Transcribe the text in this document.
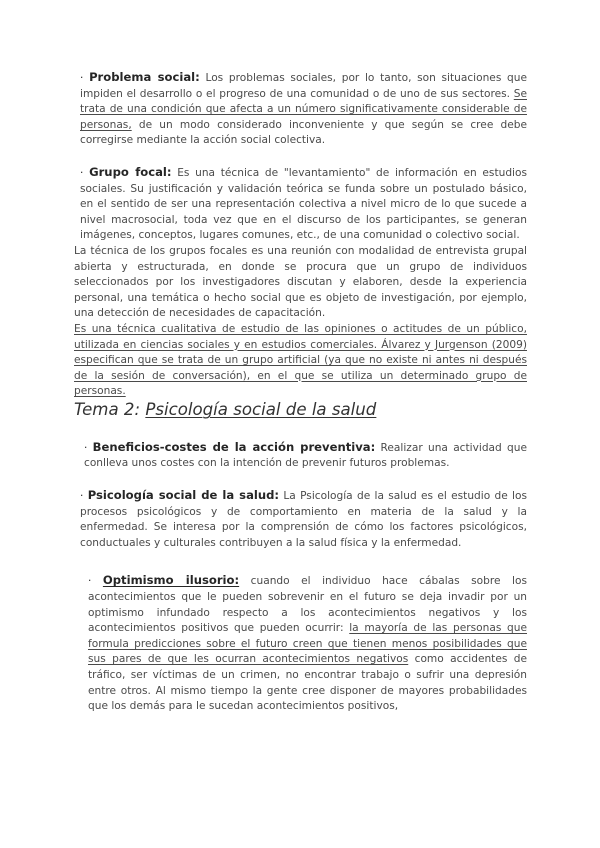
· Problema social: Los problemas sociales, por lo tanto, son situaciones que impiden el desarrollo o el progreso de una comunidad o de uno de sus sectores. Se trata de una condición que afecta a un número significativamente considerable de personas, de un modo considerado inconveniente y que según se cree debe corregirse mediante la acción social colectiva.

· Grupo focal: Es una técnica de "levantamiento" de información en estudios sociales. Su justificación y validación teórica se funda sobre un postulado básico, en el sentido de ser una representación colectiva a nivel micro de lo que sucede a nivel macrosocial, toda vez que en el discurso de los participantes, se generan imágenes, conceptos, lugares comunes, etc., de una comunidad o colectivo social.

La técnica de los grupos focales es una reunión con modalidad de entrevista grupal abierta y estructurada, en donde se procura que un grupo de individuos seleccionados por los investigadores discutan y elaboren, desde la experiencia personal, una temática o hecho social que es objeto de investigación, por ejemplo, una detección de necesidades de capacitación.

Es una técnica cualitativa de estudio de las opiniones o actitudes de un público, utilizada en ciencias sociales y en estudios comerciales. Álvarez y Jurgenson (2009) especifican que se trata de un grupo artificial (ya que no existe ni antes ni después de la sesión de conversación), en el que se utiliza un determinado grupo de personas.

Tema 2: Psicología social de la salud

· Beneficios-costes de la acción preventiva: Realizar una actividad que conlleva unos costes con la intención de prevenir futuros problemas.

· Psicología social de la salud: La Psicología de la salud es el estudio de los procesos psicológicos y de comportamiento en materia de la salud y la enfermedad. Se interesa por la comprensión de cómo los factores psicológicos, conductuales y culturales contribuyen a la salud física y la enfermedad.

· Optimismo ilusorio: cuando el individuo hace cábalas sobre los acontecimientos que le pueden sobrevenir en el futuro se deja invadir por un optimismo infundado respecto a los acontecimientos negativos y los acontecimientos positivos que pueden ocurrir: la mayoría de las personas que formula predicciones sobre el futuro creen que tienen menos posibilidades que sus pares de que les ocurran acontecimientos negativos como accidentes de tráfico, ser víctimas de un crimen, no encontrar trabajo o sufrir una depresión entre otros. Al mismo tiempo la gente cree disponer de mayores probabilidades que los demás para le sucedan acontecimientos positivos,
